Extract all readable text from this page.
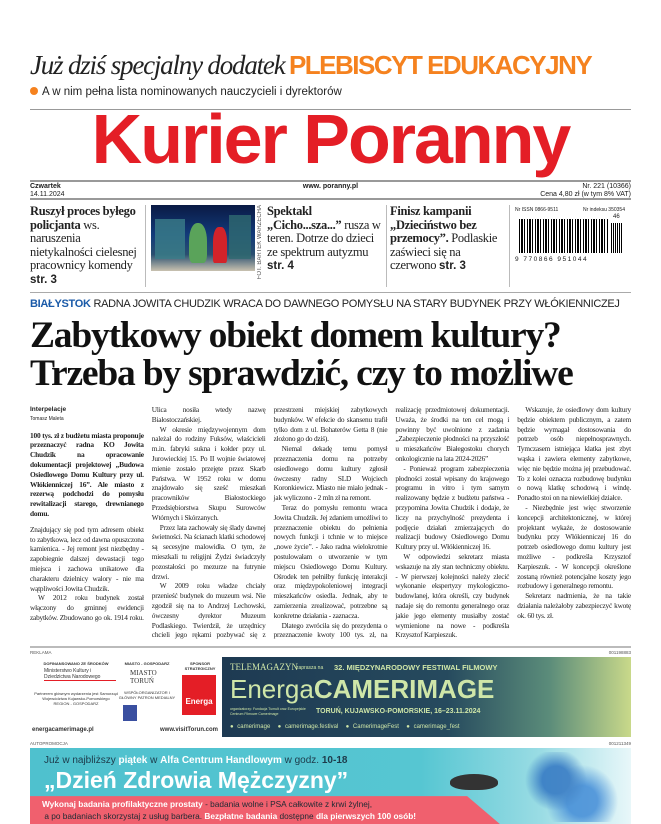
Już dziś specjalny dodatek PLEBISCYT EDUKACYJNY
A w nim pełna lista nominowanych nauczycieli i dyrektorów
Kurier Poranny
Czwartek
14.11.2024
www. poranny.pl	Nr. 221 (10366)
Cena 4,80 zł (w tym 8% VAT)
Ruszył proces byłego policjanta ws. naruszenia nietykalności cielesnej pracownicy komendy str. 3
FOT. BARTEK WARZECHA Spektakl „Cicho...sza...” rusza w teren. Dotrze do dzieci ze spektrum autyzmu str. 4
Finisz kampanii „Dzieciństwo bez przemocy”. Podlaskie zaświeci się na czerwono str. 3
Nr ISSN 0866-9511	Nr indeksu 350354
46
9 770866 951044
BIAŁYSTOK RADNA JOWITA CHUDZIK WRACA DO DAWNEGO POMYSŁU NA STARY BUDYNEK PRZY WŁÓKIENNICZEJ
Zabytkowy obiekt domem kultury? Trzeba by sprawdzić, czy to możliwe
Interpelacje
Tomasz Maleta

100 tys. zł z budżetu miasta proponuje przeznaczyć radna KO Jowita Chudzik na opracowanie dokumentacji projektowej „Budowa Osiedlowego Domu Kultury przy ul. Włókienniczej 16”. Ale miasto z rezerwą podchodzi do pomysłu rewitalizacji starego, drewnianego domu.

Znajdujący się pod tym adresem obiekt to zabytkowa, lecz od dawna opuszczona kamienica. - Jej remont jest niezbędny - zapobiegnie dalszej dewastacji tego miejsca i zachowa unikatowe dla charakteru dzielnicy walory - nie ma wątpliwości Jowita Chudzik.

W 2012 roku budynek został włączony do gminnej ewidencji zabytków. Zbudowano go ok. 1914 roku. Ulica nosiła wtedy nazwę Białostoczańskiej.

W okresie międzywojennym dom należał do rodziny Fuksów, właścicieli m.in. fabryki sukna i kołder przy ul. Jurowieckiej 15. Po II wojnie światowej mienie zostało przejęte przez Skarb Państwa. W 1952 roku w domu znajdowało się sześć mieszkań pracowników Białostockiego Przedsiębiorstwa Skupu Surowców Wtórnych i Skórzanych.

Przez lata zachowały się ślady dawnej świetności. Na ścianach klatki schodowej są secesyjne malowidła. O tym, że mieszkali tu religijni Żydzi świadczyły pozostałości po mezurze na futrynie drzwi.

W 2009 roku władze chciały przenieść budynek do muzeum wsi. Nie zgodził się na to Andrzej Lechowski, ówczesny dyrektor Muzeum Podlaskiego. Twierdził, że urzędnicy chcieli jego rękami pozbywać się z przestrzeni miejskiej zabytkowych budynków. W efekcie do skansenu trafił tylko dom z ul. Bohaterów Getta 8 (nie złożono go do dziś).

Niemal dekadę temu pomysł przeznaczenia domu na potrzeby osiedlowego domu kultury zgłosił ówczesny radny SLD Wojciech Koronkiewicz. Miasto nie miało jednak - jak wyliczono - 2 mln zł na remont.

Teraz do pomysłu remontu wraca Jowita Chudzik. Jej zdaniem umożliwi to przeznaczenie obiektu do pełnienia nowych funkcji i tchnie w to miejsce „nowe życie”. - Jako radna wielokrotnie postulowałam o utworzenie w tym miejscu Osiedlowego Domu Kultury. Ośrodek ten pełniłby funkcję interakcji oraz międzypokoleniowej integracji mieszkańców osiedla. Jednak, aby te zamierzenia zrealizować, potrzebne są konkretne działania - zaznacza.

Dlatego zwróciła się do prezydenta o przeznaczenie kwoty 100 tys. zł, na realizację przedmiotowej dokumentacji. Uważa, że środki na ten cel mogą i powinny być uwolnione z zadania „Zabezpieczenie płodności na przyszłość u mieszkańców Białegostoku chorych onkologicznie na lata 2024-2026”

- Ponieważ program zabezpieczenia płodności został wpisany do krajowego programu in vitro i tym samym realizowany będzie z budżetu państwa - przypomina Jowita Chudzik i dodaje, że liczy na przychylność prezydenta i podjęcie działań zmierzających do realizacji budowy Osiedlowego Domu Kultury przy ul. Włókienniczej 16.

W odpowiedzi sekretarz miasta wskazuje na zły stan techniczny obiektu. - W pierwszej kolejności należy zlecić wykonanie ekspertyzy mykologiczno-budowlanej, która określi, czy budynek nadaje się do remontu generalnego oraz jakie jego elementy musiałby zostać wymienione na nowe - podkreśla Krzysztof Karpieszuk.

Wskazuje, że osiedlowy dom kultury będzie obiektem publicznym, a zatem będzie wymagał dostosowania do potrzeb osób niepełnosprawnych. Tymczasem istniejąca klatka jest zbyt wąska i zawiera elementy zabytkowe, więc nie będzie można jej przebudować. To z kolei oznacza rozbudowę budynku o nową klatkę schodową i windę. Ponadto stoi on na niewielkiej działce.

- Niezbędnie jest więc stworzenie koncepcji architektonicznej, w której projektant wykaże, że dostosowanie budynku przy Włókienniczej 16 do potrzeb osiedlowego domu kultury jest możliwe - podkreśla Krzysztof Karpieszuk. - W koncepcji określone zostaną również potencjalne koszty jego rozbudowy i generalnego remontu.

Sekretarz nadmienia, że na takie działania należałoby zabezpieczyć kwotę ok. 60 tys. zł.

REKLAMA	001198883
DOFINANSOWANO ZE ŚRODKÓW
Ministerstwo Kultury i Dziedzictwa Narodowego
Partnerem głównym wydarzenia jest Samorząd Województwa Kujawsko-Pomorskiego REGION - GOSPODARZ
MIASTO - GOSPODARZ
MIASTO TORUŃ
WSPÓŁORGANIZATOR I GŁÓWNY PATRON MEDIALNY
SPONSOR STRATEGICZNY
Energa
energacamerimage.pl	www.visitTorun.com
TELEMAGAZYN
zaprasza na 32. MIĘDZYNARODOWY FESTIWAL FILMOWY
EnergaCAMERIMAGE
organizatorzy: Fundacja Tumult oraz Europejskie Centrum Filmowe Camerimage	TORUŃ, KUJAWSKO-POMORSKIE, 16–23.11.2024
● camerimage  ● camerimage.festival  ● CamerimageFest  ● camerimage_fest
AUTOPROMOCJA	001211349
Już w najbliższy piątek w Alfa Centrum Handlowym w godz. 10-18
„Dzień Zdrowia Mężczyzny”
Wykonaj badania profilaktyczne prostaty - badania wolne i PSA całkowite z krwi żylnej,
a po badaniach skorzystaj z usług barbera. Bezpłatne badania dostępne dla pierwszych 100 osób!
